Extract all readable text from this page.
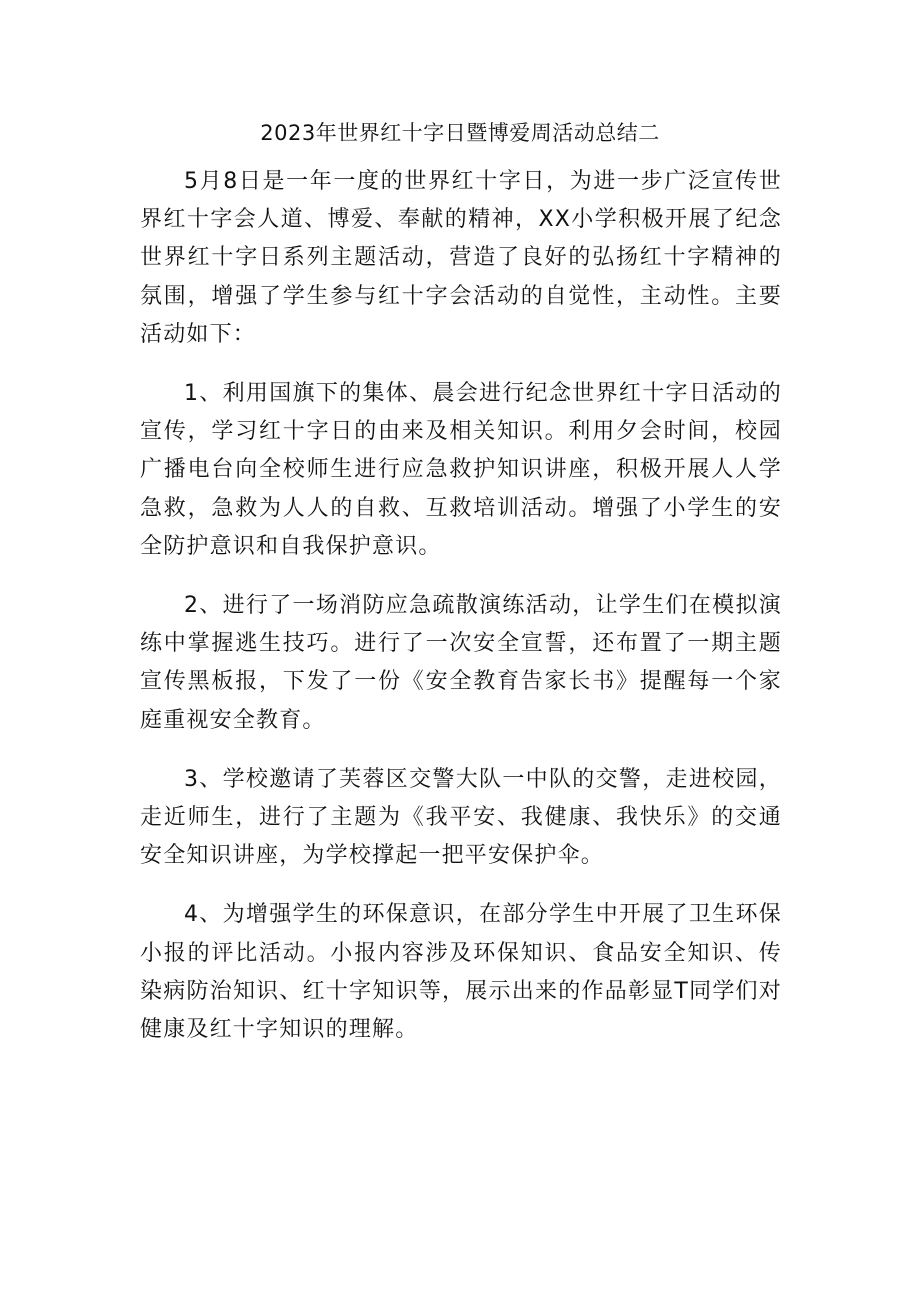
2023年世界红十字日暨博爱周活动总结二

5月8日是一年一度的世界红十字日，为进一步广泛宣传世界红十字会人道、博爱、奉献的精神，XX小学积极开展了纪念世界红十字日系列主题活动，营造了良好的弘扬红十字精神的氛围，增强了学生参与红十字会活动的自觉性，主动性。主要活动如下：

1、利用国旗下的集体、晨会进行纪念世界红十字日活动的宣传，学习红十字日的由来及相关知识。利用夕会时间，校园广播电台向全校师生进行应急救护知识讲座，积极开展人人学急救，急救为人人的自救、互救培训活动。增强了小学生的安全防护意识和自我保护意识。

2、进行了一场消防应急疏散演练活动，让学生们在模拟演练中掌握逃生技巧。进行了一次安全宣誓，还布置了一期主题宣传黑板报，下发了一份《安全教育告家长书》提醒每一个家庭重视安全教育。

3、学校邀请了芙蓉区交警大队一中队的交警，走进校园，走近师生，进行了主题为《我平安、我健康、我快乐》的交通安全知识讲座，为学校撑起一把平安保护伞。

4、为增强学生的环保意识，在部分学生中开展了卫生环保小报的评比活动。小报内容涉及环保知识、食品安全知识、传染病防治知识、红十字知识等，展示出来的作品彰显T同学们对健康及红十字知识的理解。
